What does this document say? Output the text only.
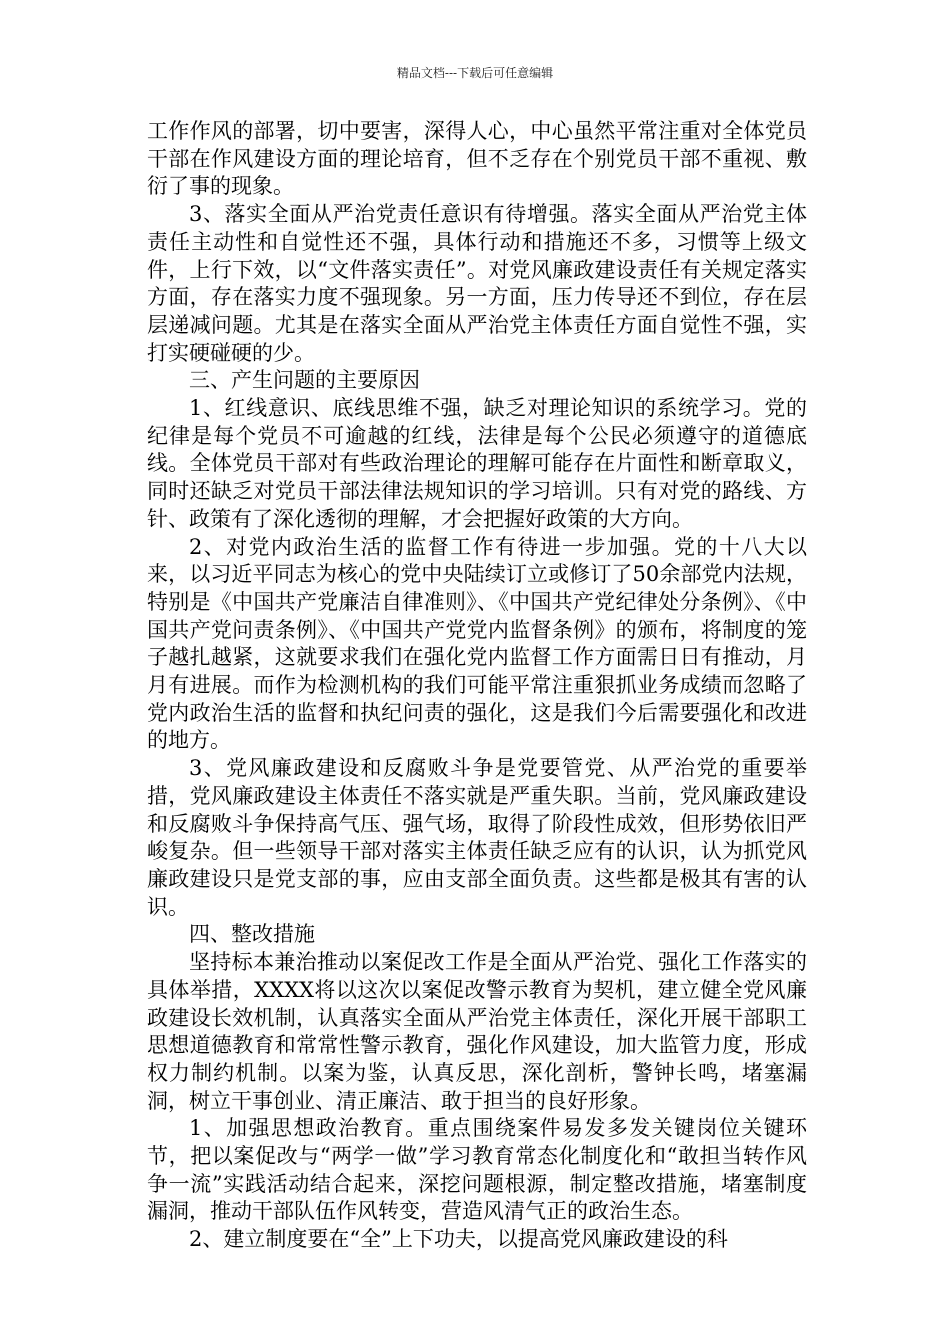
精品文档---下载后可任意编辑

工作作风的部署，切中要害，深得人心，中心虽然平常注重对全体党员干部在作风建设方面的理论培育，但不乏存在个别党员干部不重视、敷衍了事的现象。

3、落实全面从严治党责任意识有待增强。落实全面从严治党主体责任主动性和自觉性还不强，具体行动和措施还不多，习惯等上级文件，上行下效，以“文件落实责任”。对党风廉政建设责任有关规定落实方面，存在落实力度不强现象。另一方面，压力传导还不到位，存在层层递减问题。尤其是在落实全面从严治党主体责任方面自觉性不强，实打实硬碰硬的少。

三、产生问题的主要原因

1、红线意识、底线思维不强，缺乏对理论知识的系统学习。党的纪律是每个党员不可逾越的红线，法律是每个公民必须遵守的道德底线。全体党员干部对有些政治理论的理解可能存在片面性和断章取义，同时还缺乏对党员干部法律法规知识的学习培训。只有对党的路线、方针、政策有了深化透彻的理解，才会把握好政策的大方向。

2、对党内政治生活的监督工作有待进一步加强。党的十八大以来，以习近平同志为核心的党中央陆续订立或修订了50余部党内法规，特别是《中国共产党廉洁自律准则》、《中国共产党纪律处分条例》、《中国共产党问责条例》、《中国共产党党内监督条例》的颁布，将制度的笼子越扎越紧，这就要求我们在强化党内监督工作方面需日日有推动，月月有进展。而作为检测机构的我们可能平常注重狠抓业务成绩而忽略了党内政治生活的监督和执纪问责的强化，这是我们今后需要强化和改进的地方。

3、党风廉政建设和反腐败斗争是党要管党、从严治党的重要举措，党风廉政建设主体责任不落实就是严重失职。当前，党风廉政建设和反腐败斗争保持高气压、强气场，取得了阶段性成效，但形势依旧严峻复杂。但一些领导干部对落实主体责任缺乏应有的认识，认为抓党风廉政建设只是党支部的事，应由支部全面负责。这些都是极其有害的认识。

四、整改措施

坚持标本兼治推动以案促改工作是全面从严治党、强化工作落实的具体举措，XXXX将以这次以案促改警示教育为契机，建立健全党风廉政建设长效机制，认真落实全面从严治党主体责任，深化开展干部职工思想道德教育和常常性警示教育，强化作风建设，加大监管力度，形成权力制约机制。以案为鉴，认真反思，深化剖析，警钟长鸣，堵塞漏洞，树立干事创业、清正廉洁、敢于担当的良好形象。

1、加强思想政治教育。重点围绕案件易发多发关键岗位关键环节，把以案促改与“两学一做”学习教育常态化制度化和“敢担当转作风争一流”实践活动结合起来，深挖问题根源，制定整改措施，堵塞制度漏洞，推动干部队伍作风转变，营造风清气正的政治生态。

2、建立制度要在“全”上下功夫，以提高党风廉政建设的科
